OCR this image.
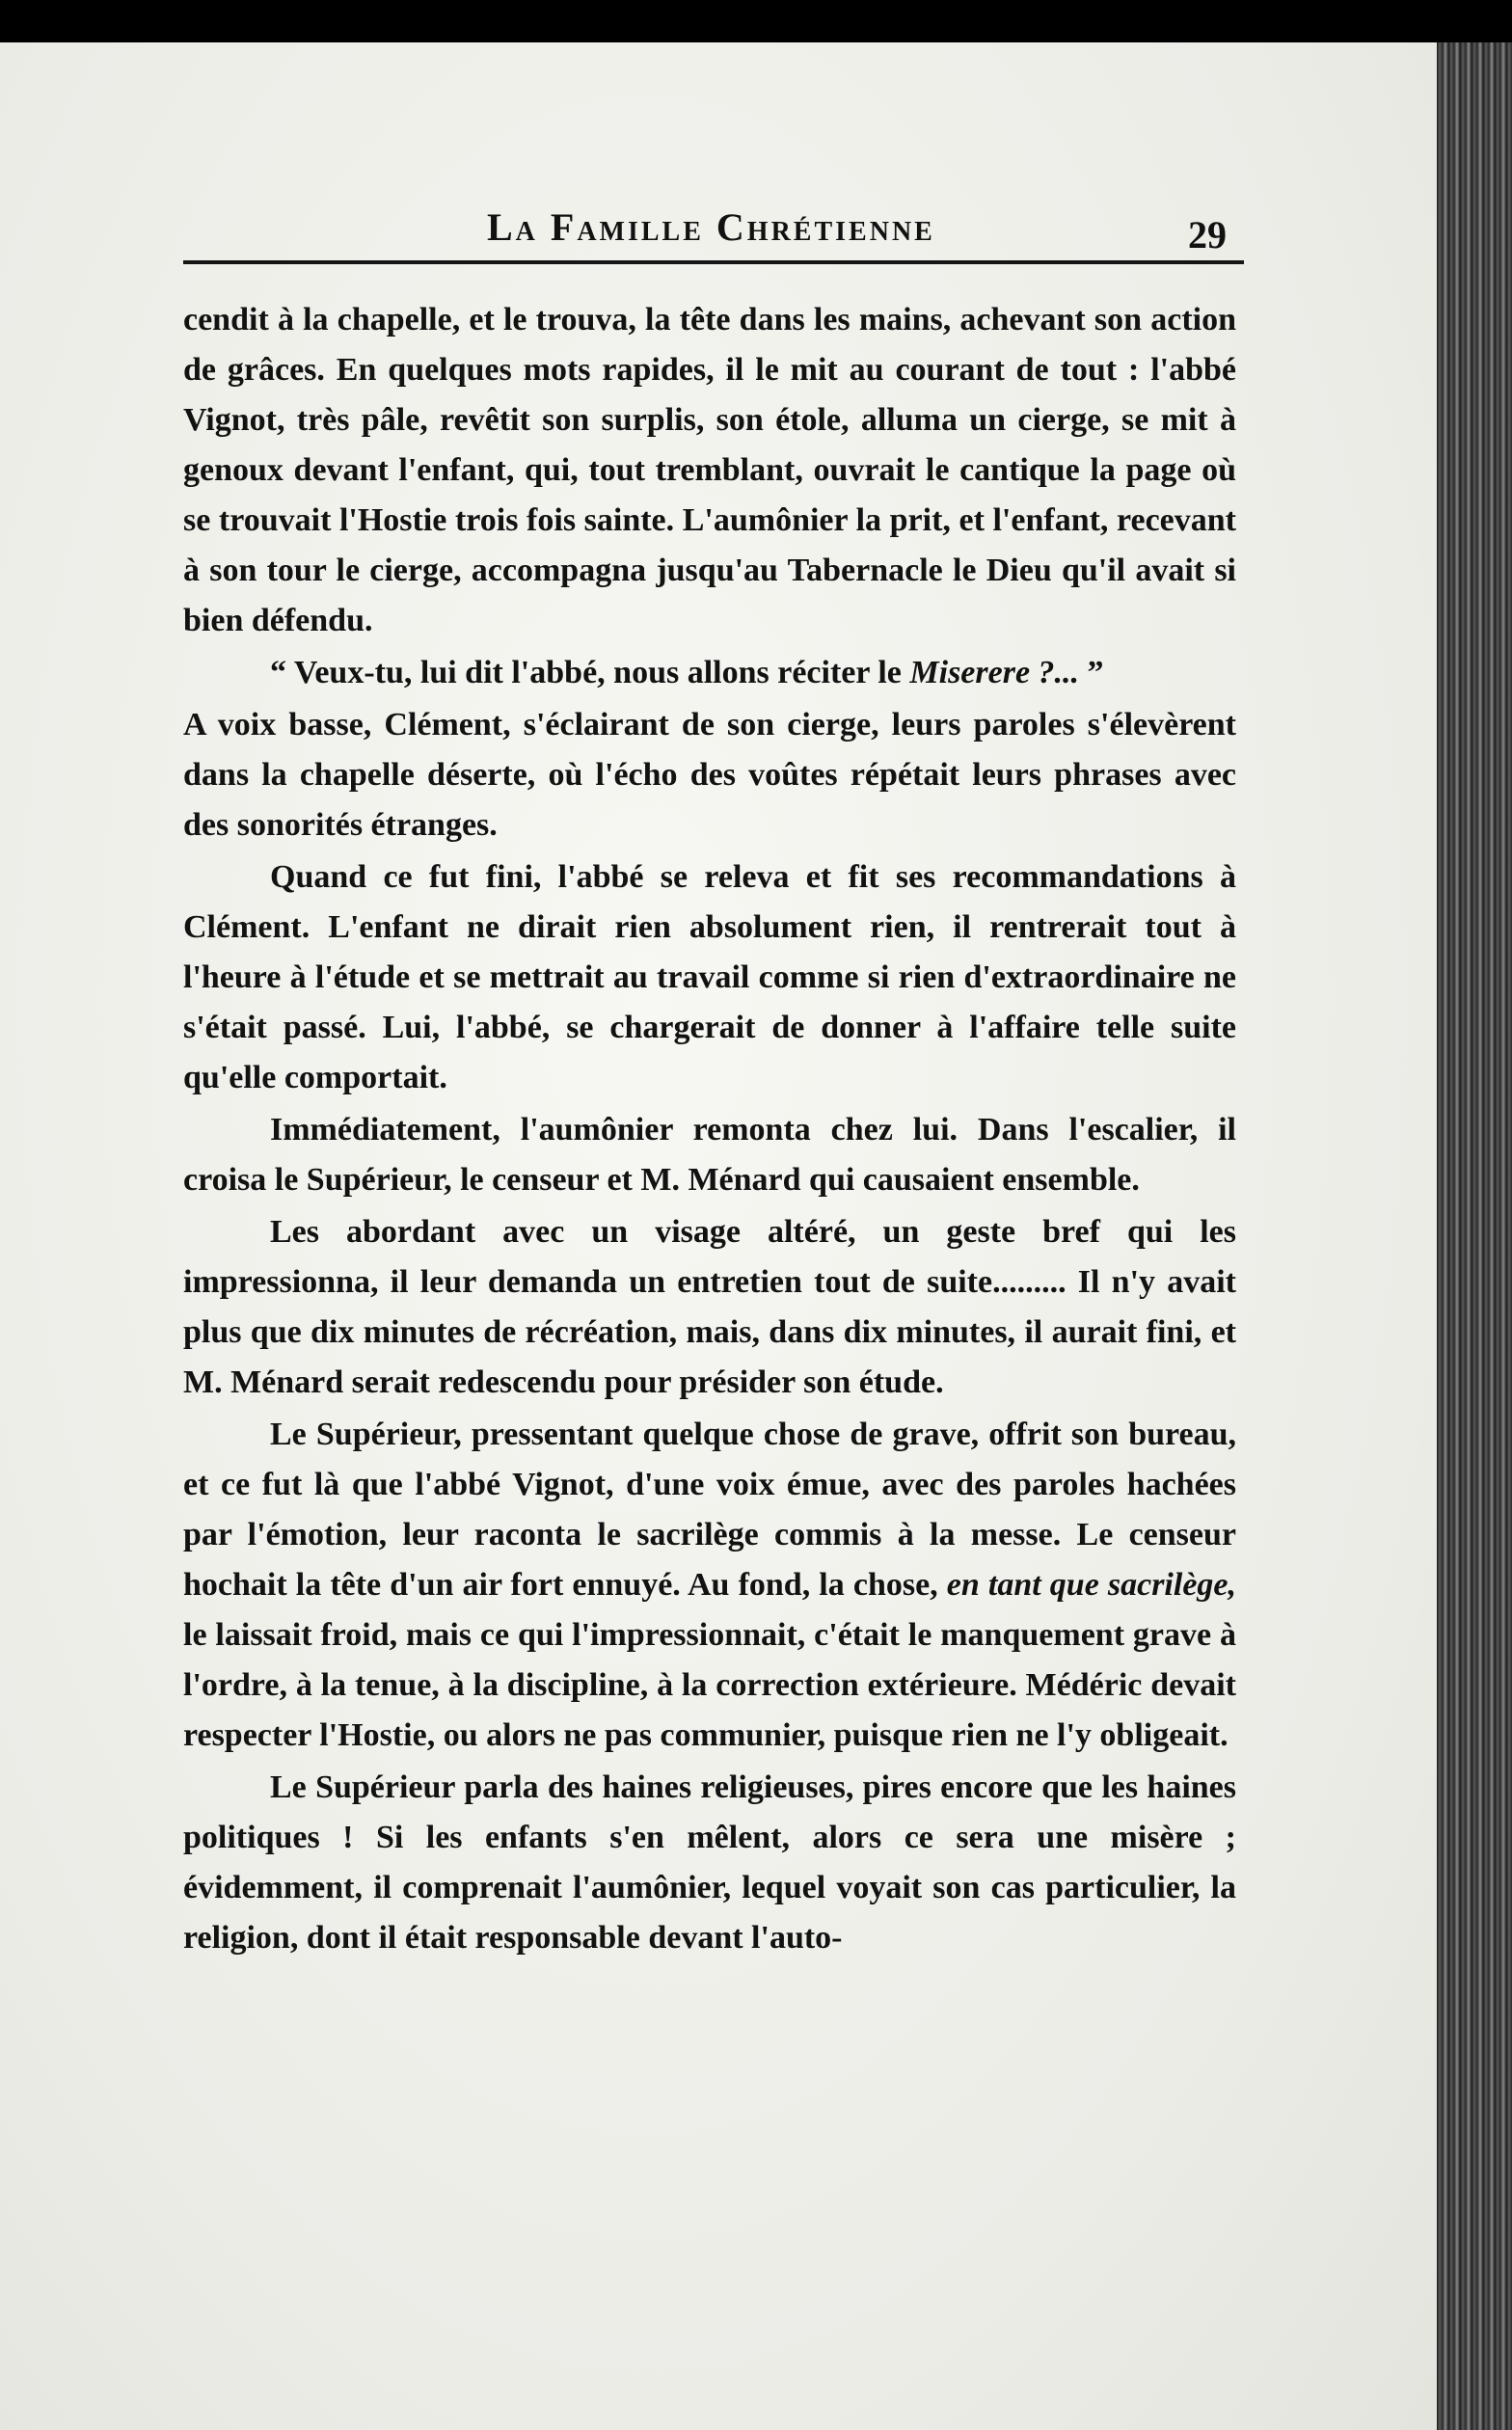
La Famille Chrétienne	29

cendit à la chapelle, et le trouva, la tête dans les mains, achevant son action de grâces. En quelques mots rapides, il le mit au courant de tout : l'abbé Vignot, très pâle, revêtit son surplis, son étole, alluma un cierge, se mit à genoux devant l'enfant, qui, tout tremblant, ouvrait le cantique la page où se trouvait l'Hostie trois fois sainte. L'aumônier la prit, et l'enfant, recevant à son tour le cierge, accompagna jusqu'au Tabernacle le Dieu qu'il avait si bien défendu.

“ Veux-tu, lui dit l'abbé, nous allons réciter le Miserere ?... ”

A voix basse, Clément, s'éclairant de son cierge, leurs paroles s'élevèrent dans la chapelle déserte, où l'écho des voûtes répétait leurs phrases avec des sonorités étranges.

Quand ce fut fini, l'abbé se releva et fit ses recommandations à Clément. L'enfant ne dirait rien absolument rien, il rentrerait tout à l'heure à l'étude et se mettrait au travail comme si rien d'extraordinaire ne s'était passé. Lui, l'abbé, se chargerait de donner à l'affaire telle suite qu'elle comportait.

Immédiatement, l'aumônier remonta chez lui. Dans l'escalier, il croisa le Supérieur, le censeur et M. Ménard qui causaient ensemble.

Les abordant avec un visage altéré, un geste bref qui les impressionna, il leur demanda un entretien tout de suite......... Il n'y avait plus que dix minutes de récréation, mais, dans dix minutes, il aurait fini, et M. Ménard serait redescendu pour présider son étude.

Le Supérieur, pressentant quelque chose de grave, offrit son bureau, et ce fut là que l'abbé Vignot, d'une voix émue, avec des paroles hachées par l'émotion, leur raconta le sacrilège commis à la messe. Le censeur hochait la tête d'un air fort ennuyé. Au fond, la chose, en tant que sacrilège, le laissait froid, mais ce qui l'impressionnait, c'était le manquement grave à l'ordre, à la tenue, à la discipline, à la correction extérieure. Médéric devait respecter l'Hostie, ou alors ne pas communier, puisque rien ne l'y obligeait.

Le Supérieur parla des haines religieuses, pires encore que les haines politiques ! Si les enfants s'en mêlent, alors ce sera une misère ; évidemment, il comprenait l'aumônier, lequel voyait son cas particulier, la religion, dont il était responsable devant l'auto-
